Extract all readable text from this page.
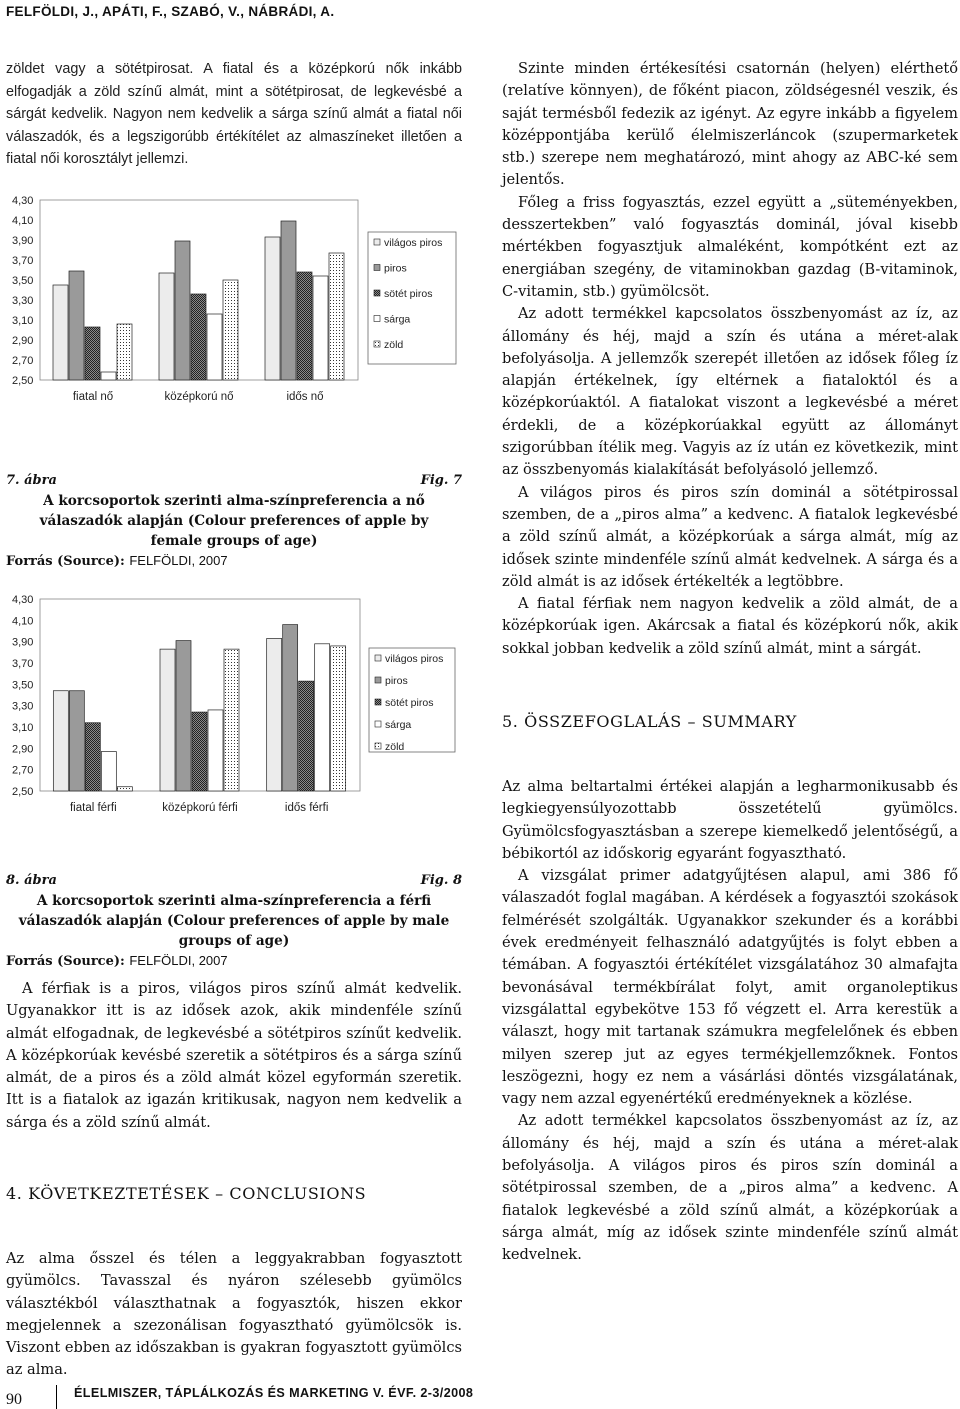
FELFÖLDI, J., APÁTI, F., SZABÓ, V., NÁBRÁDI, A.

zöldet vagy a sötétpirosat. A fiatal és a középkorú nők inkább elfogadják a zöld színű almát, mint a sötétpirosat, de legkevésbé a sárgát kedvelik. Nagyon nem kedvelik a sárga színű almát a fiatal női válaszadók, és a legszigorúbb értékítélet az almaszíneket illetően a fiatal női korosztályt jellemzi.

4,30
4,10
3,90
3,70
3,50
3,30
3,10
2,90
2,70
2,50
fiatal nő	középkorú nő	idős nő
világos piros
piros
sötét piros
sárga
zöld
7. ábra	Fig. 7
A korcsoportok szerinti alma-színpreferencia a nő válaszadók alapján (Colour preferences of apple by female groups of age)
Forrás (Source): FELFÖLDI, 2007
4,30
4,10
3,90
3,70
3,50
3,30
3,10
2,90
2,70
2,50
fiatal férfi	középkorú férfi	idős férfi
világos piros
piros
sötét piros
sárga
zöld
8. ábra	Fig. 8
A korcsoportok szerinti alma-színpreferencia a férfi válaszadók alapján (Colour preferences of apple by male groups of age)
Forrás (Source): FELFÖLDI, 2007

A férfiak is a piros, világos piros színű almát kedvelik. Ugyanakkor itt is az idősek azok, akik mindenféle színű almát elfogadnak, de legkevésbé a sötétpiros színűt kedvelik. A középkorúak kevésbé szeretik a sötétpiros és a sárga színű almát, de a piros és a zöld almát közel egyformán szeretik. Itt is a fiatalok az igazán kritikusak, nagyon nem kedvelik a sárga és a zöld színű almát.

4. KÖVETKEZTETÉSEK – CONCLUSIONS

Az alma ősszel és télen a leggyakrabban fogyasztott gyümölcs. Tavasszal és nyáron szélesebb gyümölcs választékból választhatnak a fogyasztók, hiszen ekkor megjelennek a szezonálisan fogyasztható gyümölcsök is. Viszont ebben az időszakban is gyakran fogyasztott gyümölcs az alma.

Szinte minden értékesítési csatornán (helyen) elérthető (relatíve könnyen), de főként piacon, zöldségesnél veszik, és saját termésből fedezik az igényt. Az egyre inkább a figyelem középpontjába kerülő élelmiszerláncok (szupermarketek stb.) szerepe nem meghatározó, mint ahogy az ABC-ké sem jelentős.

Főleg a friss fogyasztás, ezzel együtt a „süteményekben, desszertekben” való fogyasztás dominál, jóval kisebb mértékben fogyasztjuk almaléként, kompótként ezt az energiában szegény, de vitaminokban gazdag (B-vitaminok, C-vitamin, stb.) gyümölcsöt.

Az adott termékkel kapcsolatos összbenyomást az íz, az állomány és héj, majd a szín és utána a méret-alak befolyásolja. A jellemzők szerepét illetően az idősek főleg íz alapján értékelnek, így eltérnek a fiataloktól és a középkorúaktól. A fiatalokat viszont a legkevésbé a méret érdekli, de a középkorúakkal együtt az állományt szigorúbban ítélik meg. Vagyis az íz után ez következik, mint az összbenyomás kialakítását befolyásoló jellemző.

A világos piros és piros szín dominál a sötétpirossal szemben, de a „piros alma” a kedvenc. A fiatalok legkevésbé a zöld színű almát, a középkorúak a sárga almát, míg az idősek szinte mindenféle színű almát kedvelnek. A sárga és a zöld almát is az idősek értékelték a legtöbbre.

A fiatal férfiak nem nagyon kedvelik a zöld almát, de a középkorúak igen. Akárcsak a fiatal és középkorú nők, akik sokkal jobban kedvelik a zöld színű almát, mint a sárgát.

5. ÖSSZEFOGLALÁS – SUMMARY

Az alma beltartalmi értékei alapján a legharmonikusabb és legkiegyensúlyozottabb összetételű gyümölcs. Gyümölcsfogyasztásban a szerepe kiemelkedő jelentőségű, a bébikortól az időskorig egyaránt fogyasztható.

A vizsgálat primer adatgyűjtésen alapul, ami 386 fő válaszadót foglal magában. A kérdések a fogyasztói szokások felmérését szolgálták. Ugyanakkor szekunder és a korábbi évek eredményeit felhasználó adatgyűjtés is folyt ebben a témában. A fogyasztói értékítélet vizsgálatához 30 almafajta bevonásával termékbírálat folyt, amit organoleptikus vizsgálattal egybekötve 153 fő végzett el. Arra kerestük a választ, hogy mit tartanak számukra megfelelőnek és ebben milyen szerep jut az egyes termékjellemzőknek. Fontos leszögezni, hogy ez nem a vásárlási döntés vizsgálatának, vagy nem azzal egyenértékű eredményeknek a közlése.

Az adott termékkel kapcsolatos összbenyomást az íz, az állomány és héj, majd a szín és utána a méret-alak befolyásolja. A világos piros és piros szín dominál a sötétpirossal szemben, de a „piros alma” a kedvenc. A fiatalok legkevésbé a zöld színű almát, a középkorúak a sárga almát, míg az idősek szinte mindenféle színű almát kedvelnek.

90	ÉLELMISZER, TÁPLÁLKOZÁS ÉS MARKETING V. ÉVF. 2-3/2008
